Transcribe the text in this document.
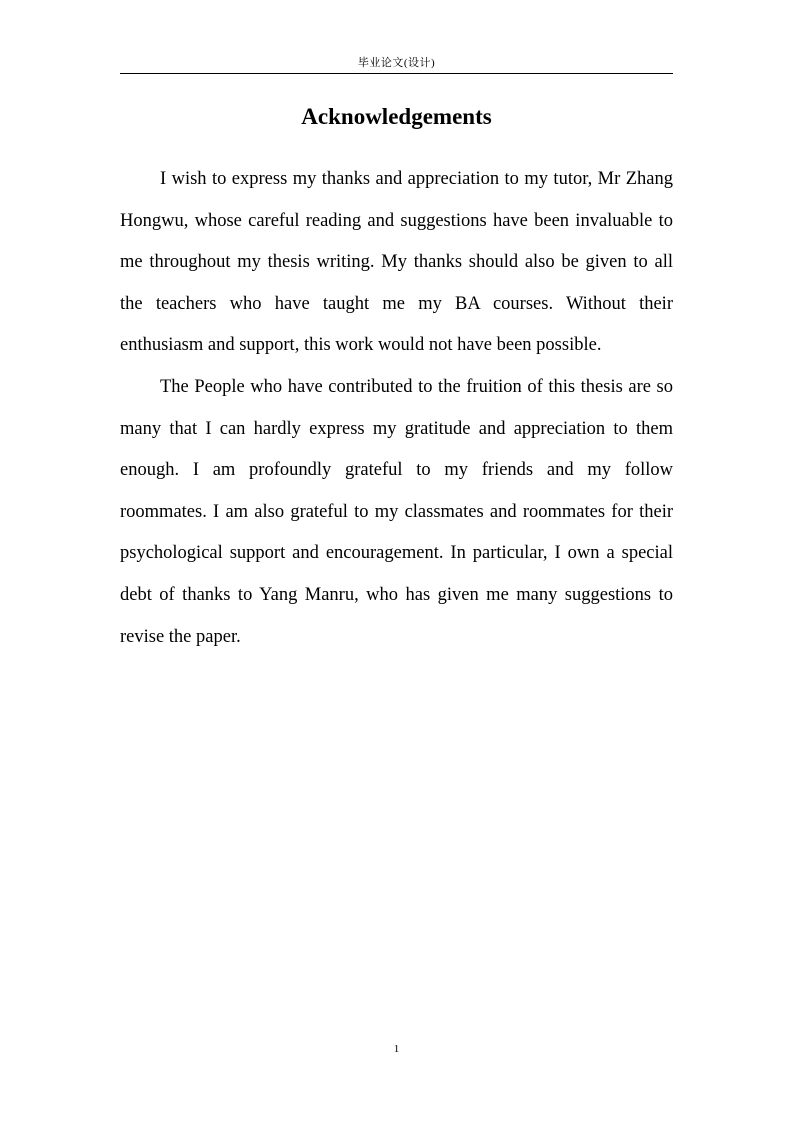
毕业论文(设计)
Acknowledgements

I wish to express my thanks and appreciation to my tutor, Mr Zhang Hongwu, whose careful reading and suggestions have been invaluable to me throughout my thesis writing. My thanks should also be given to all the teachers who have taught me my BA courses. Without their enthusiasm and support, this work would not have been possible.

The People who have contributed to the fruition of this thesis are so many that I can hardly express my gratitude and appreciation to them enough. I am profoundly grateful to my friends and my follow roommates. I am also grateful to my classmates and roommates for their psychological support and encouragement. In particular, I own a special debt of thanks to Yang Manru, who has given me many suggestions to revise the paper.

1
